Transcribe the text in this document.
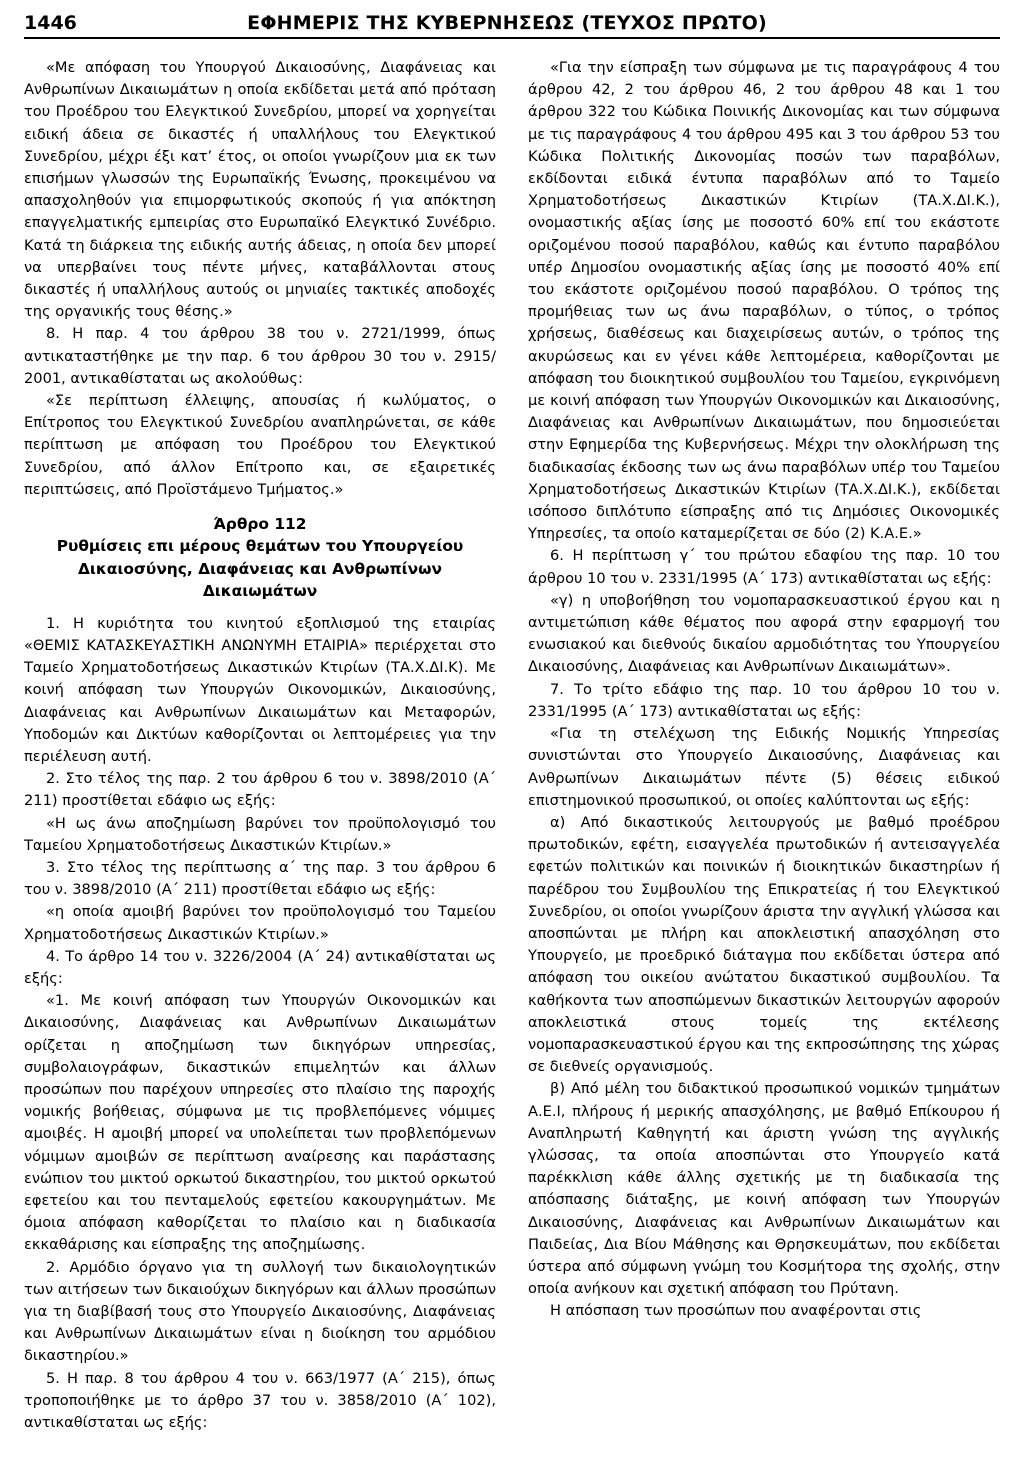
1446	ΕΦΗΜΕΡΙΣ ΤΗΣ ΚΥΒΕΡΝΗΣΕΩΣ (ΤΕΥΧΟΣ ΠΡΩΤΟ)

«Με απόφαση του Υπουργού Δικαιοσύνης, Διαφάνειας και Ανθρωπίνων Δικαιωμάτων η οποία εκδίδεται μετά από πρόταση του Προέδρου του Ελεγκτικού Συνεδρίου, μπορεί να χορηγείται ειδική άδεια σε δικαστές ή υπαλλήλους του Ελεγκτικού Συνεδρίου, μέχρι έξι κατ’ έτος, οι οποίοι γνωρίζουν μια εκ των επισήμων γλωσσών της Ευρωπαϊκής Ένωσης, προκειμένου να απασχοληθούν για επιμορφωτικούς σκοπούς ή για απόκτηση επαγγελματικής εμπειρίας στο Ευρωπαϊκό Ελεγκτικό Συνέδριο. Κατά τη διάρκεια της ειδικής αυτής άδειας, η οποία δεν μπορεί να υπερβαίνει τους πέντε μήνες, καταβάλλονται στους δικαστές ή υπαλλήλους αυτούς οι μηνιαίες τακτικές αποδοχές της οργανικής τους θέσης.»

8. Η παρ. 4 του άρθρου 38 του ν. 2721/1999, όπως αντικαταστήθηκε με την παρ. 6 του άρθρου 30 του ν. 2915/ 2001, αντικαθίσταται ως ακολούθως:

«Σε περίπτωση έλλειψης, απουσίας ή κωλύματος, ο Επίτροπος του Ελεγκτικού Συνεδρίου αναπληρώνεται, σε κάθε περίπτωση με απόφαση του Προέδρου του Ελεγκτικού Συνεδρίου, από άλλον Επίτροπο και, σε εξαιρετικές περιπτώσεις, από Προϊστάμενο Τμήματος.»

Άρθρο 112
Ρυθμίσεις επι μέρους θεμάτων του Υπουργείου Δικαιοσύνης, Διαφάνειας και Ανθρωπίνων Δικαιωμάτων

1. Η κυριότητα του κινητού εξοπλισμού της εταιρίας «ΘΕΜΙΣ ΚΑΤΑΣΚΕΥΑΣΤΙΚΗ ΑΝΩΝΥΜΗ ΕΤΑΙΡΙΑ» περιέρχεται στο Ταμείο Χρηματοδοτήσεως Δικαστικών Κτιρίων (ΤΑ.Χ.ΔΙ.Κ). Με κοινή απόφαση των Υπουργών Οικονομικών, Δικαιοσύνης, Διαφάνειας και Ανθρωπίνων Δικαιωμάτων και Μεταφορών, Υποδομών και Δικτύων καθορίζονται οι λεπτομέρειες για την περιέλευση αυτή.

2. Στο τέλος της παρ. 2 του άρθρου 6 του ν. 3898/2010 (Α΄ 211) προστίθεται εδάφιο ως εξής:

«Η ως άνω αποζημίωση βαρύνει τον προϋπολογισμό του Ταμείου Χρηματοδοτήσεως Δικαστικών Κτιρίων.»

3. Στο τέλος της περίπτωσης α΄ της παρ. 3 του άρθρου 6 του ν. 3898/2010 (Α΄ 211) προστίθεται εδάφιο ως εξής:

«η οποία αμοιβή βαρύνει τον προϋπολογισμό του Ταμείου Χρηματοδοτήσεως Δικαστικών Κτιρίων.»

4. Το άρθρο 14 του ν. 3226/2004 (Α΄ 24) αντικαθίσταται ως εξής:

«1. Με κοινή απόφαση των Υπουργών Οικονομικών και Δικαιοσύνης, Διαφάνειας και Ανθρωπίνων Δικαιωμάτων ορίζεται η αποζημίωση των δικηγόρων υπηρεσίας, συμβολαιογράφων, δικαστικών επιμελητών και άλλων προσώπων που παρέχουν υπηρεσίες στο πλαίσιο της παροχής νομικής βοήθειας, σύμφωνα με τις προβλεπόμενες νόμιμες αμοιβές. Η αμοιβή μπορεί να υπολείπεται των προβλεπόμενων νόμιμων αμοιβών σε περίπτωση αναίρεσης και παράστασης ενώπιον του μικτού ορκωτού δικαστηρίου, του μικτού ορκωτού εφετείου και του πενταμελούς εφετείου κακουργημάτων. Με όμοια απόφαση καθορίζεται το πλαίσιο και η διαδικασία εκκαθάρισης και είσπραξης της αποζημίωσης.

2. Αρμόδιο όργανο για τη συλλογή των δικαιολογητικών των αιτήσεων των δικαιούχων δικηγόρων και άλλων προσώπων για τη διαβίβασή τους στο Υπουργείο Δικαιοσύνης, Διαφάνειας και Ανθρωπίνων Δικαιωμάτων είναι η διοίκηση του αρμόδιου δικαστηρίου.»

5. Η παρ. 8 του άρθρου 4 του ν. 663/1977 (Α΄ 215), όπως τροποποιήθηκε με το άρθρο 37 του ν. 3858/2010 (Α΄ 102), αντικαθίσταται ως εξής:

«Για την είσπραξη των σύμφωνα με τις παραγράφους 4 του άρθρου 42, 2 του άρθρου 46, 2 του άρθρου 48 και 1 του άρθρου 322 του Κώδικα Ποινικής Δικονομίας και των σύμφωνα με τις παραγράφους 4 του άρθρου 495 και 3 του άρθρου 53 του Κώδικα Πολιτικής Δικονομίας ποσών των παραβόλων, εκδίδονται ειδικά έντυπα παραβόλων από το Ταμείο Χρηματοδοτήσεως Δικαστικών Κτιρίων (ΤΑ.Χ.ΔΙ.Κ.), ονομαστικής αξίας ίσης με ποσοστό 60% επί του εκάστοτε οριζομένου ποσού παραβόλου, καθώς και έντυπο παραβόλου υπέρ Δημοσίου ονομαστικής αξίας ίσης με ποσοστό 40% επί του εκάστοτε οριζομένου ποσού παραβόλου. Ο τρόπος της προμήθειας των ως άνω παραβόλων, ο τύπος, ο τρόπος χρήσεως, διαθέσεως και διαχειρίσεως αυτών, ο τρόπος της ακυρώσεως και εν γένει κάθε λεπτομέρεια, καθορίζονται με απόφαση του διοικητικού συμβουλίου του Ταμείου, εγκρινόμενη με κοινή απόφαση των Υπουργών Οικονομικών και Δικαιοσύνης, Διαφάνειας και Ανθρωπίνων Δικαιωμάτων, που δημοσιεύεται στην Εφημερίδα της Κυβερνήσεως. Μέχρι την ολοκλήρωση της διαδικασίας έκδοσης των ως άνω παραβόλων υπέρ του Ταμείου Χρηματοδοτήσεως Δικαστικών Κτιρίων (ΤΑ.Χ.ΔΙ.Κ.), εκδίδεται ισόποσο διπλότυπο είσπραξης από τις Δημόσιες Οικονομικές Υπηρεσίες, τα οποίο καταμερίζεται σε δύο (2) Κ.Α.Ε.»

6. Η περίπτωση γ΄ του πρώτου εδαφίου της παρ. 10 του άρθρου 10 του ν. 2331/1995 (Α΄ 173) αντικαθίσταται ως εξής:

«γ) η υποβοήθηση του νομοπαρασκευαστικού έργου και η αντιμετώπιση κάθε θέματος που αφορά στην εφαρμογή του ενωσιακού και διεθνούς δικαίου αρμοδιότητας του Υπουργείου Δικαιοσύνης, Διαφάνειας και Ανθρωπίνων Δικαιωμάτων».

7. Το τρίτο εδάφιο της παρ. 10 του άρθρου 10 του ν. 2331/1995 (Α΄ 173) αντικαθίσταται ως εξής:

«Για τη στελέχωση της Ειδικής Νομικής Υπηρεσίας συνιστώνται στο Υπουργείο Δικαιοσύνης, Διαφάνειας και Ανθρωπίνων Δικαιωμάτων πέντε (5) θέσεις ειδικού επιστημονικού προσωπικού, οι οποίες καλύπτονται ως εξής:

α) Από δικαστικούς λειτουργούς με βαθμό προέδρου πρωτοδικών, εφέτη, εισαγγελέα πρωτοδικών ή αντεισαγγελέα εφετών πολιτικών και ποινικών ή διοικητικών δικαστηρίων ή παρέδρου του Συμβουλίου της Επικρατείας ή του Ελεγκτικού Συνεδρίου, οι οποίοι γνωρίζουν άριστα την αγγλική γλώσσα και αποσπώνται με πλήρη και αποκλειστική απασχόληση στο Υπουργείο, με προεδρικό διάταγμα που εκδίδεται ύστερα από απόφαση του οικείου ανώτατου δικαστικού συμβουλίου. Τα καθήκοντα των αποσπώμενων δικαστικών λειτουργών αφορούν αποκλειστικά στους τομείς της εκτέλεσης νομοπαρασκευαστικού έργου και της εκπροσώπησης της χώρας σε διεθνείς οργανισμούς.

β) Από μέλη του διδακτικού προσωπικού νομικών τμημάτων Α.Ε.Ι, πλήρους ή μερικής απασχόλησης, με βαθμό Επίκουρου ή Αναπληρωτή Καθηγητή και άριστη γνώση της αγγλικής γλώσσας, τα οποία αποσπώνται στο Υπουργείο κατά παρέκκλιση κάθε άλλης σχετικής με τη διαδικασία της απόσπασης διάταξης, με κοινή απόφαση των Υπουργών Δικαιοσύνης, Διαφάνειας και Ανθρωπίνων Δικαιωμάτων και Παιδείας, Δια Βίου Μάθησης και Θρησκευμάτων, που εκδίδεται ύστερα από σύμφωνη γνώμη του Κοσμήτορα της σχολής, στην οποία ανήκουν και σχετική απόφαση του Πρύτανη.

Η απόσπαση των προσώπων που αναφέρονται στις
